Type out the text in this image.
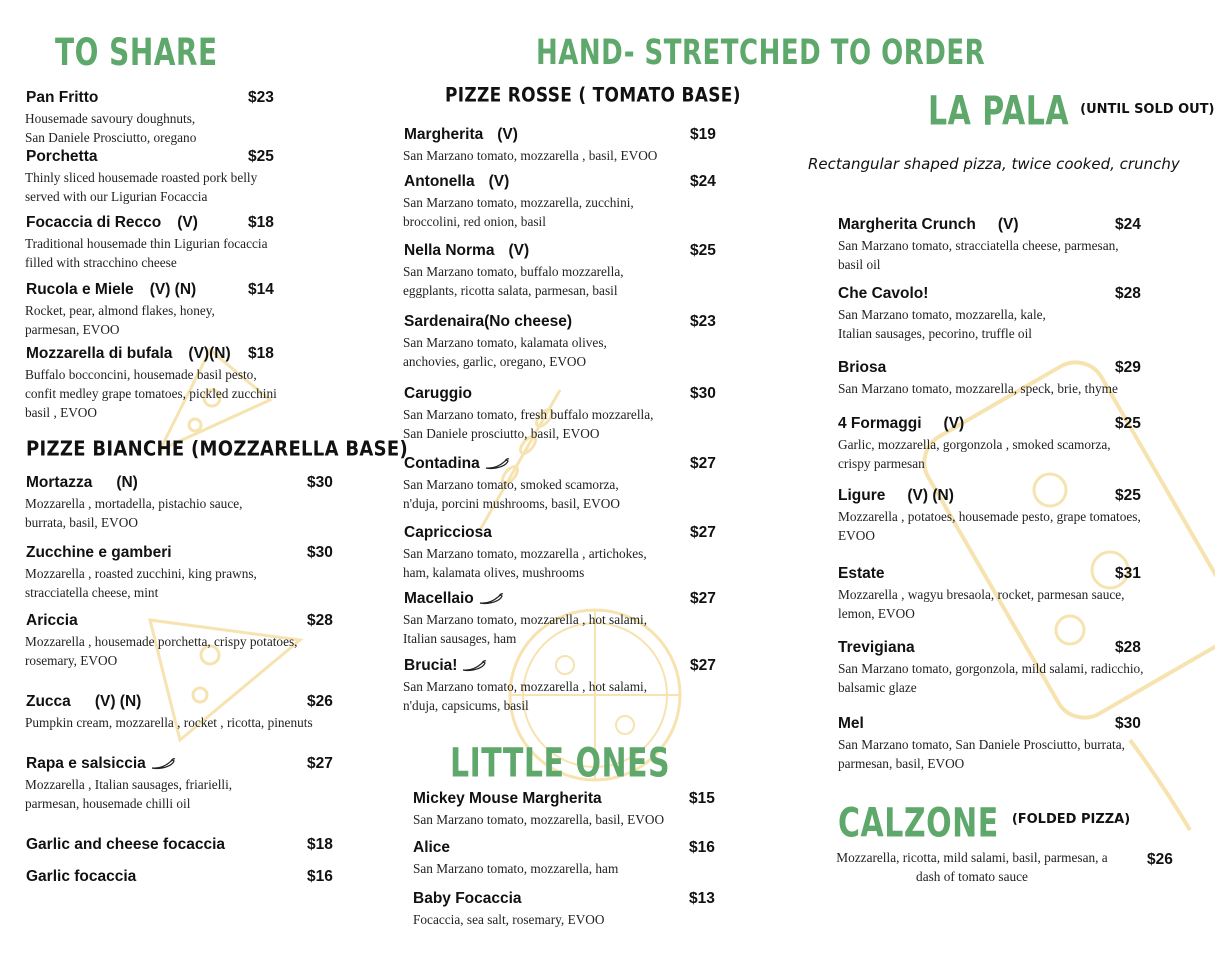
TO SHARE	HAND- STRETCHED TO ORDER
PIZZE ROSSE ( TOMATO BASE)
PIZZE BIANCHE (MOZZARELLA BASE)
LITTLE ONES
LA PALA (UNTIL SOLD OUT)
Rectangular shaped pizza, twice cooked, crunchy
CALZONE $^{(FOLDED PIZZA)}$
Pan Fritto	$23
Housemade savoury doughnuts,
San Daniele Prosciutto, oregano
Porchetta	$25
Thinly sliced housemade roasted pork belly
served with our Ligurian Focaccia
Focaccia di Recco (V)	$18
Traditional housemade thin Ligurian focaccia
filled with stracchino cheese
Rucola e Miele (V) (N)	$14
Rocket, pear, almond flakes, honey,
parmesan, EVOO
Mozzarella di bufala (V)(N) $18
Buffalo bocconcini, housemade basil pesto,
confit medley grape tomatoes, pickled zucchini
basil , EVOO
Mortazza (N)	$30
Mozzarella , mortadella, pistachio sauce,
burrata, basil, EVOO
Zucchine e gamberi	$30
Mozzarella , roasted zucchini, king prawns,
stracciatella cheese, mint
Ariccia	$28
Mozzarella , housemade porchetta, crispy potatoes,
rosemary, EVOO
Zucca (V) (N)	$26
Pumpkin cream, mozzarella , rocket , ricotta, pinenuts
Rapa e salsiccia	$27
Mozzarella , Italian sausages, friarielli,
parmesan, housemade chilli oil
Garlic and cheese focaccia	$18
Garlic focaccia	$16
Margherita (V)	$19
San Marzano tomato, mozzarella , basil, EVOO
Antonella (V)	$24
San Marzano tomato, mozzarella, zucchini,
broccolini, red onion, basil
Nella Norma (V)	$25
San Marzano tomato, buffalo mozzarella,
eggplants, ricotta salata, parmesan, basil
Sardenaira(No cheese)	$23
San Marzano tomato, kalamata olives,
anchovies, garlic, oregano, EVOO
Caruggio	$30
San Marzano tomato, fresh buffalo mozzarella,
San Daniele prosciutto, basil, EVOO
Contadina	$27
San Marzano tomato, smoked scamorza,
n'duja, porcini mushrooms, basil, EVOO
Capricciosa	$27
San Marzano tomato, mozzarella , artichokes,
ham, kalamata olives, mushrooms
Macellaio	$27
San Marzano tomato, mozzarella , hot salami,
Italian sausages, ham
Brucia!	$27
San Marzano tomato, mozzarella , hot salami,
n'duja, capsicums, basil
Mickey Mouse Margherita	$15
San Marzano tomato, mozzarella, basil, EVOO
Alice	$16
San Marzano tomato, mozzarella, ham
Baby Focaccia	$13
Focaccia, sea salt, rosemary, EVOO
Margherita Crunch (V)	$24
San Marzano tomato, stracciatella cheese, parmesan,
basil oil
Che Cavolo!	$28
San Marzano tomato, mozzarella, kale,
Italian sausages, pecorino, truffle oil
Briosa	$29
San Marzano tomato, mozzarella, speck, brie, thyme
4 Formaggi (V)	$25
Garlic, mozzarella, gorgonzola , smoked scamorza,
crispy parmesan
Ligure (V) (N)	$25
Mozzarella , potatoes, housemade pesto, grape tomatoes,
EVOO
Estate	$31
Mozzarella , wagyu bresaola, rocket, parmesan sauce,
lemon, EVOO
Trevigiana	$28
San Marzano tomato, gorgonzola, mild salami, radicchio,
balsamic glaze
Mel	$30
San Marzano tomato, San Daniele Prosciutto, burrata,
parmesan, basil, EVOO
Mozzarella, ricotta, mild salami, basil, parmesan, a
dash of tomato sauce
$26
